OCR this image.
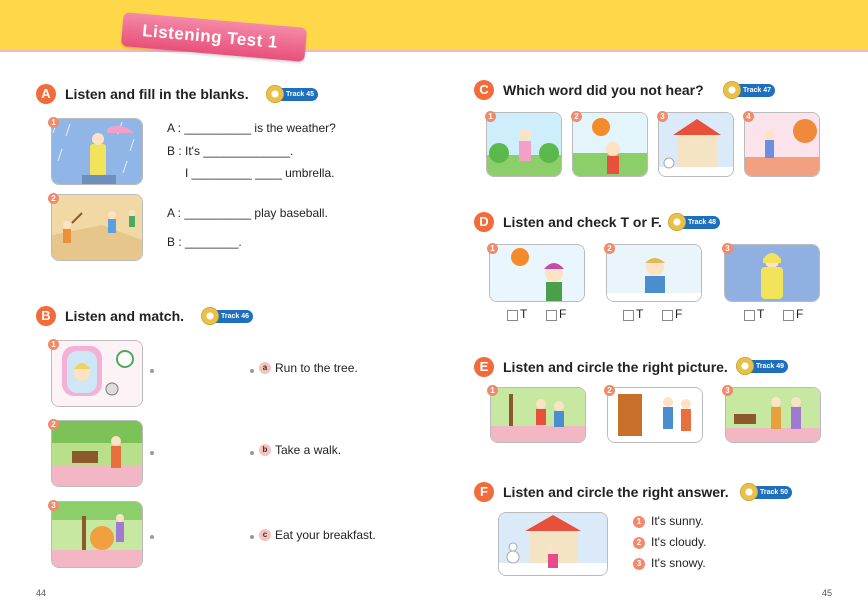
Listening Test 1
A	Listen and fill in the blanks.	Track 45
1	A : __________ is the weather?
B : It's _____________.
I _________ ____ umbrella.
2
A : __________ play baseball.
B : ________.
B	Listen and match.	Track 46
1
a Run to the tree.
2
b Take a walk.
3
c Eat your breakfast.
C	Which word did you not hear?	Track 47
1	2	3	4
D	Listen and check T or F.	Track 48
1
T	F
2
T	F
3
T	F
E	Listen and circle the right picture.	Track 49
1	2	3
F	Listen and circle the right answer.	Track 50
1 It's sunny.
2 It's cloudy.
3 It's snowy.
44	45
